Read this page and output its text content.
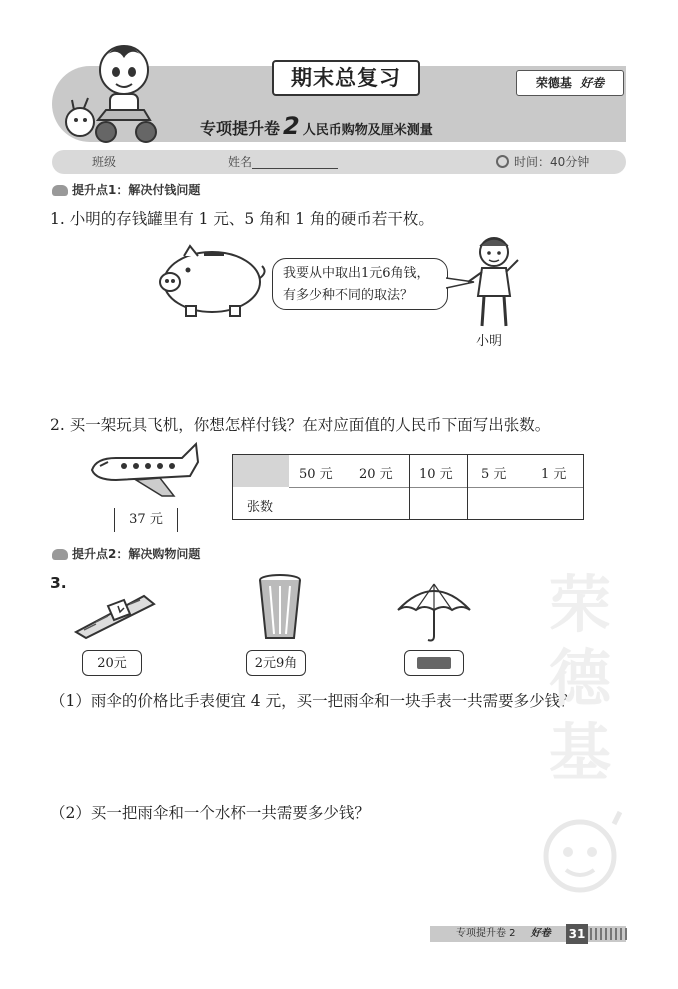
期末总复习	荣德基 好卷
专项提升卷 2 人民币购物及厘米测量
班级	姓名	时间：40分钟
提升点1：解决付钱问题
1. 小明的存钱罐里有 1 元、5 角和 1 角的硬币若干枚。
我要从中取出1元6角钱，
有多少种不同的取法？
小明
2. 买一架玩具飞机，你想怎样付钱？在对应面值的人民币下面写出张数。
37 元
50 元 20 元 10 元 5 元	1 元
张数
提升点2：解决购物问题
3.
20元	2元9角
（1）雨伞的价格比手表便宜 4 元，买一把雨伞和一块手表一共需要多少钱？
（2）买一把雨伞和一个水杯一共需要多少钱？
荣
德
基
专项提升卷 2 好卷	31
